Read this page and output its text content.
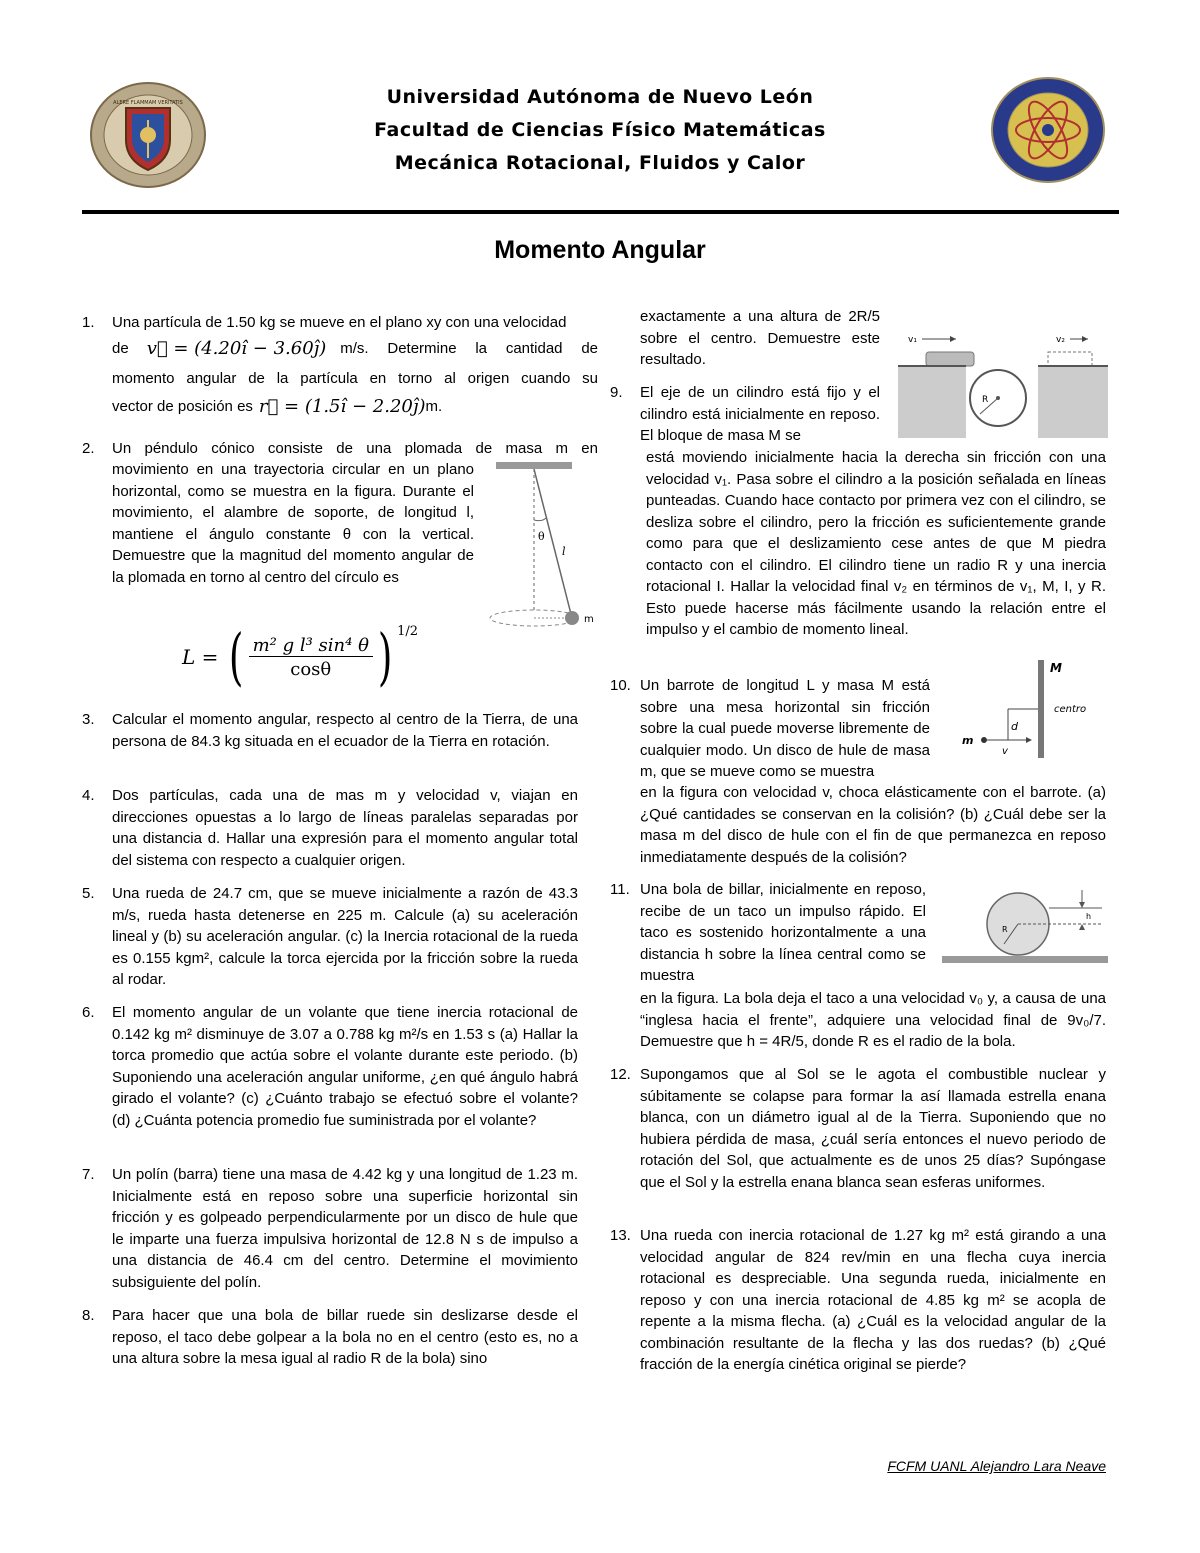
ALERE FLAMMAM VERITATIS	Universidad Autónoma de Nuevo León
Facultad de Ciencias Físico Matemáticas
Mecánica Rotacional, Fluidos y Calor
Momento Angular
1. Una partícula de 1.50 kg se mueve en el plano xy con una velocidad
de v⃗ = (4.20î − 3.60ĵ) m/s. Determine la cantidad de
momento angular de la partícula en torno al origen cuando su
vector de posición es r⃗ = (1.5î − 2.20ĵ) m.
2. Un péndulo cónico consiste de una plomada de masa m en
movimiento en una trayectoria circular en un plano horizontal, como se muestra en la figura. Durante el movimiento, el alambre de soporte, de longitud l, mantiene el ángulo constante θ con la vertical. Demuestre que la magnitud del momento angular de la plomada en torno al centro del círculo es
θ
l
m
L = ( m² g l³ sin⁴ θ
cosθ ) 1/2
3. Calcular el momento angular, respecto al centro de la Tierra, de una persona de 84.3 kg situada en el ecuador de la Tierra en rotación.
4. Dos partículas, cada una de mas m y velocidad v, viajan en direcciones opuestas a lo largo de líneas paralelas separadas por una distancia d. Hallar una expresión para el momento angular total del sistema con respecto a cualquier origen.
5. Una rueda de 24.7 cm, que se mueve inicialmente a razón de 43.3 m/s, rueda hasta detenerse en 225 m. Calcule (a) su aceleración lineal y (b) su aceleración angular. (c) la Inercia rotacional de la rueda es 0.155 kgm², calcule la torca ejercida por la fricción sobre la rueda al rodar.
6. El momento angular de un volante que tiene inercia rotacional de 0.142 kg m² disminuye de 3.07 a 0.788 kg m²/s en 1.53 s (a) Hallar la torca promedio que actúa sobre el volante durante este periodo. (b) Suponiendo una aceleración angular uniforme, ¿en qué ángulo habrá girado el volante? (c) ¿Cuánto trabajo se efectuó sobre el volante? (d) ¿Cuánta potencia promedio fue suministrada por el volante?
7. Un polín (barra) tiene una masa de 4.42 kg y una longitud de 1.23 m. Inicialmente está en reposo sobre una superficie horizontal sin fricción y es golpeado perpendicularmente por un disco de hule que le imparte una fuerza impulsiva horizontal de 12.8 N s de impulso a una distancia de 46.4 cm del centro. Determine el movimiento subsiguiente del polín.
8. Para hacer que una bola de billar ruede sin deslizarse desde el reposo, el taco debe golpear a la bola no en el centro (esto es, no a una altura sobre la mesa igual al radio R de la bola) sino
exactamente a una altura de 2R/5 sobre el centro. Demuestre este resultado.
v₁	v₂
R
9. El eje de un cilindro está fijo y el cilindro está inicialmente en reposo. El bloque de masa M se
está moviendo inicialmente hacia la derecha sin fricción con una velocidad v₁. Pasa sobre el cilindro a la posición señalada en líneas punteadas. Cuando hace contacto por primera vez con el cilindro, se desliza sobre el cilindro, pero la fricción es suficientemente grande como para que el deslizamiento cese antes de que M piedra contacto con el cilindro. El cilindro tiene un radio R y una inercia rotacional I. Hallar la velocidad final v₂ en términos de v₁, M, I, y R. Esto puede hacerse más fácilmente usando la relación entre el impulso y el cambio de momento lineal.
10. Un barrote de longitud L y masa M está sobre una mesa horizontal sin fricción sobre la cual puede moverse libremente de cualquier modo. Un disco de hule de masa m, que se mueve como se muestra
en la figura con velocidad v, choca elásticamente con el barrote. (a) ¿Qué cantidades se conservan en la colisión? (b) ¿Cuál debe ser la masa m del disco de hule con el fin de que permanezca en reposo inmediatamente después de la colisión?
M
centro
d
m
v
11. Una bola de billar, inicialmente en reposo, recibe de un taco un impulso rápido. El taco es sostenido horizontalmente a una distancia h sobre la línea central como se muestra
en la figura. La bola deja el taco a una velocidad v₀ y, a causa de una “inglesa hacia el frente”, adquiere una velocidad final de 9v₀/7. Demuestre que h = 4R/5, donde R es el radio de la bola.
R
h
12. Supongamos que al Sol se le agota el combustible nuclear y súbitamente se colapse para formar la así llamada estrella enana blanca, con un diámetro igual al de la Tierra. Suponiendo que no hubiera pérdida de masa, ¿cuál sería entonces el nuevo periodo de rotación del Sol, que actualmente es de unos 25 días? Supóngase que el Sol y la estrella enana blanca sean esferas uniformes.
13. Una rueda con inercia rotacional de 1.27 kg m² está girando a una velocidad angular de 824 rev/min en una flecha cuya inercia rotacional es despreciable. Una segunda rueda, inicialmente en reposo y con una inercia rotacional de 4.85 kg m² se acopla de repente a la misma flecha. (a) ¿Cuál es la velocidad angular de la combinación resultante de la flecha y las dos ruedas? (b) ¿Qué fracción de la energía cinética original se pierde?
FCFM UANL Alejandro Lara Neave
